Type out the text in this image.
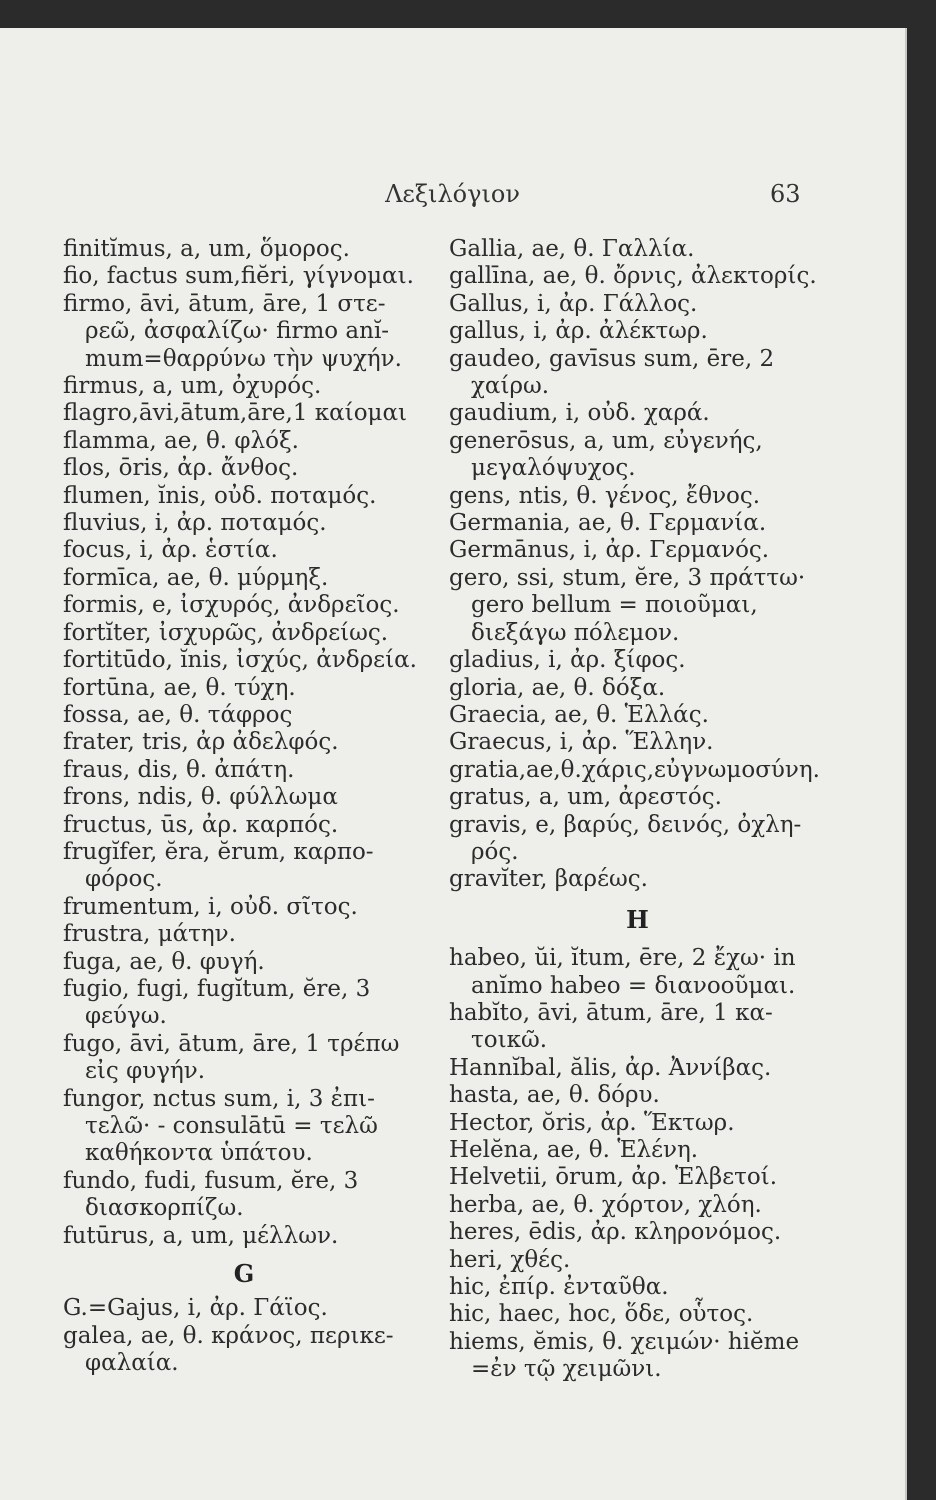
Λεξιλόγιον	63
finitĭmus, a, um, ὅμορος.
fio, factus sum,fiĕri, γίγνομαι.
firmo, āvi, ātum, āre, 1 στε-
ρεῶ, ἀσφαλίζω· firmo anĭ-
mum=θαρρύνω τὴν ψυχήν.
firmus, a, um, ὀχυρός.
flagro,āvi,ātum,āre,1 καίομαι
flamma, ae, θ. φλόξ.
flos, ōris, ἀρ. ἄνθος.
flumen, ĭnis, οὐδ. ποταμός.
fluvius, i, ἀρ. ποταμός.
focus, i, ἀρ. ἑστία.
formīca, ae, θ. μύρμηξ.
formis, e, ἰσχυρός, ἀνδρεῖος.
fortĭter, ἰσχυρῶς, ἀνδρείως.
fortitūdo, ĭnis, ἰσχύς, ἀνδρεία.
fortūna, ae, θ. τύχη.
fossa, ae, θ. τάφρος
frater, tris, ἀρ ἀδελφός.
fraus, dis, θ. ἀπάτη.
frons, ndis, θ. φύλλωμα
fructus, ūs, ἀρ. καρπός.
frugĭfer, ĕra, ĕrum, καρπο-
φόρος.
frumentum, i, οὐδ. σῖτος.
frustra, μάτην.
fuga, ae, θ. φυγή.
fugio, fugi, fugĭtum, ĕre, 3
φεύγω.
fugo, āvi, ātum, āre, 1 τρέπω
εἰς φυγήν.
fungor, nctus sum, i, 3 ἐπι-
τελῶ· - consulātū = τελῶ
καθήκοντα ὑπάτου.
fundo, fudi, fusum, ĕre, 3
διασκορπίζω.
futūrus, a, um, μέλλων.
G
G.=Gajus, i, ἀρ. Γάϊος.
galea, ae, θ. κράνος, περικε-
φαλαία.
Gallia, ae, θ. Γαλλία.
gallīna, ae, θ. ὄρνις, ἀλεκτορίς.
Gallus, i, ἀρ. Γάλλος.
gallus, i, ἀρ. ἀλέκτωρ.
gaudeo, gavīsus sum, ēre, 2
χαίρω.
gaudium, i, οὐδ. χαρά.
generōsus, a, um, εὐγενής,
μεγαλόψυχος.
gens, ntis, θ. γένος, ἔθνος.
Germania, ae, θ. Γερμανία.
Germānus, i, ἀρ. Γερμανός.
gero, ssi, stum, ĕre, 3 πράττω·
gero bellum = ποιοῦμαι,
διεξάγω πόλεμον.
gladius, i, ἀρ. ξίφος.
gloria, ae, θ. δόξα.
Graecia, ae, θ. Ἑλλάς.
Graecus, i, ἀρ. Ἕλλην.
gratia,ae,θ.χάρις,εὐγνωμοσύνη.
gratus, a, um, ἀρεστός.
gravis, e, βαρύς, δεινός, ὀχλη-
ρός.
gravĭter, βαρέως.
H
habeo, ŭi, ĭtum, ēre, 2 ἔχω· in
anĭmo habeo = διανοοῦμαι.
habĭto, āvi, ātum, āre, 1 κα-
τοικῶ.
Hannĭbal, ălis, ἀρ. Ἀννίβας.
hasta, ae, θ. δόρυ.
Hector, ŏris, ἀρ. Ἕκτωρ.
Helĕna, ae, θ. Ἑλένη.
Helvetii, ōrum, ἀρ. Ἑλβετοί.
herba, ae, θ. χόρτον, χλόη.
heres, ēdis, ἀρ. κληρονόμος.
heri, χθές.
hic, ἐπίρ. ἐνταῦθα.
hic, haec, hoc, ὅδε, οὗτος.
hiems, ĕmis, θ. χειμών· hiĕme
=ἐν τῷ χειμῶνι.
